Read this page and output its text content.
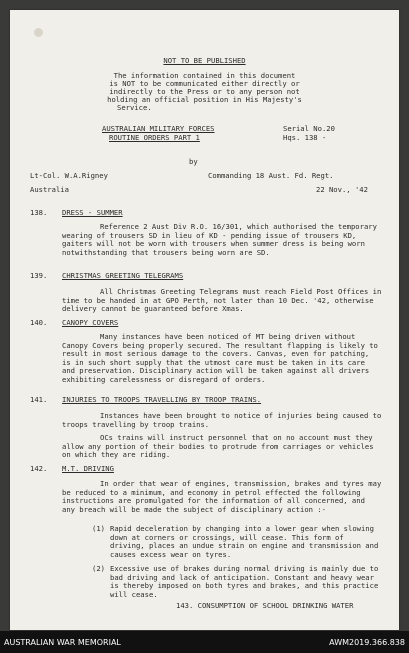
NOT TO BE PUBLISHED
The information contained in this document
is NOT to be communicated either directly or
indirectly to the Press or to any person not
holding an official position in His Majesty's
Service.
AUSTRALIAN MILITARY FORCES	Serial No.20
ROUTINE ORDERS PART 1	Hqs. 138 -
by
Lt-Col. W.A.Rigney	Commanding 18 Aust. Fd. Regt.
Australia	22 Nov., '42
138. DRESS - SUMMER
Reference 2 Aust Div R.O. 16/301, which authorised the temporary wearing of trousers SD in lieu of KD - pending issue of trousers KD, gaiters will not be worn with trousers when summer dress is being worn notwithstanding that trousers being worn are SD.
139. CHRISTMAS GREETING TELEGRAMS
All Christmas Greeting Telegrams must reach Field Post Offices in time to be handed in at GPO Perth, not later than 10 Dec. '42, otherwise delivery cannot be guaranteed before Xmas.
140. CANOPY COVERS
Many instances have been noticed of MT being driven without Canopy Covers being properly secured. The resultant flapping is likely to result in most serious damage to the covers. Canvas, even for patching, is in such short supply that the utmost care must be taken in its care and preservation. Disciplinary action will be taken against all drivers exhibiting carelessness or disregard of orders.
141. INJURIES TO TROOPS TRAVELLING BY TROOP TRAINS.
Instances have been brought to notice of injuries being caused to troops travelling by troop trains.
OCs trains will instruct personnel that on no account must they allow any portion of their bodies to protrude from carriages or vehicles on which they are riding.
142. M.T. DRIVING
In order that wear of engines, transmission, brakes and tyres may be reduced to a minimum, and economy in petrol effected the following instructions are promulgated for the information of all concerned, and any breach will be made the subject of disciplinary action :-
(1) Rapid deceleration by changing into a lower gear when slowing down at corners or crossings, will cease. This form of driving, places an undue strain on engine and transmission and causes excess wear on tyres.
(2) Excessive use of brakes during normal driving is mainly due to bad driving and lack of anticipation. Constant and heavy wear is thereby imposed on both tyres and brakes, and this practice will cease.
143. CONSUMPTION OF SCHOOL DRINKING WATER
AUSTRALIAN WAR MEMORIAL	AWM2019.366.838
